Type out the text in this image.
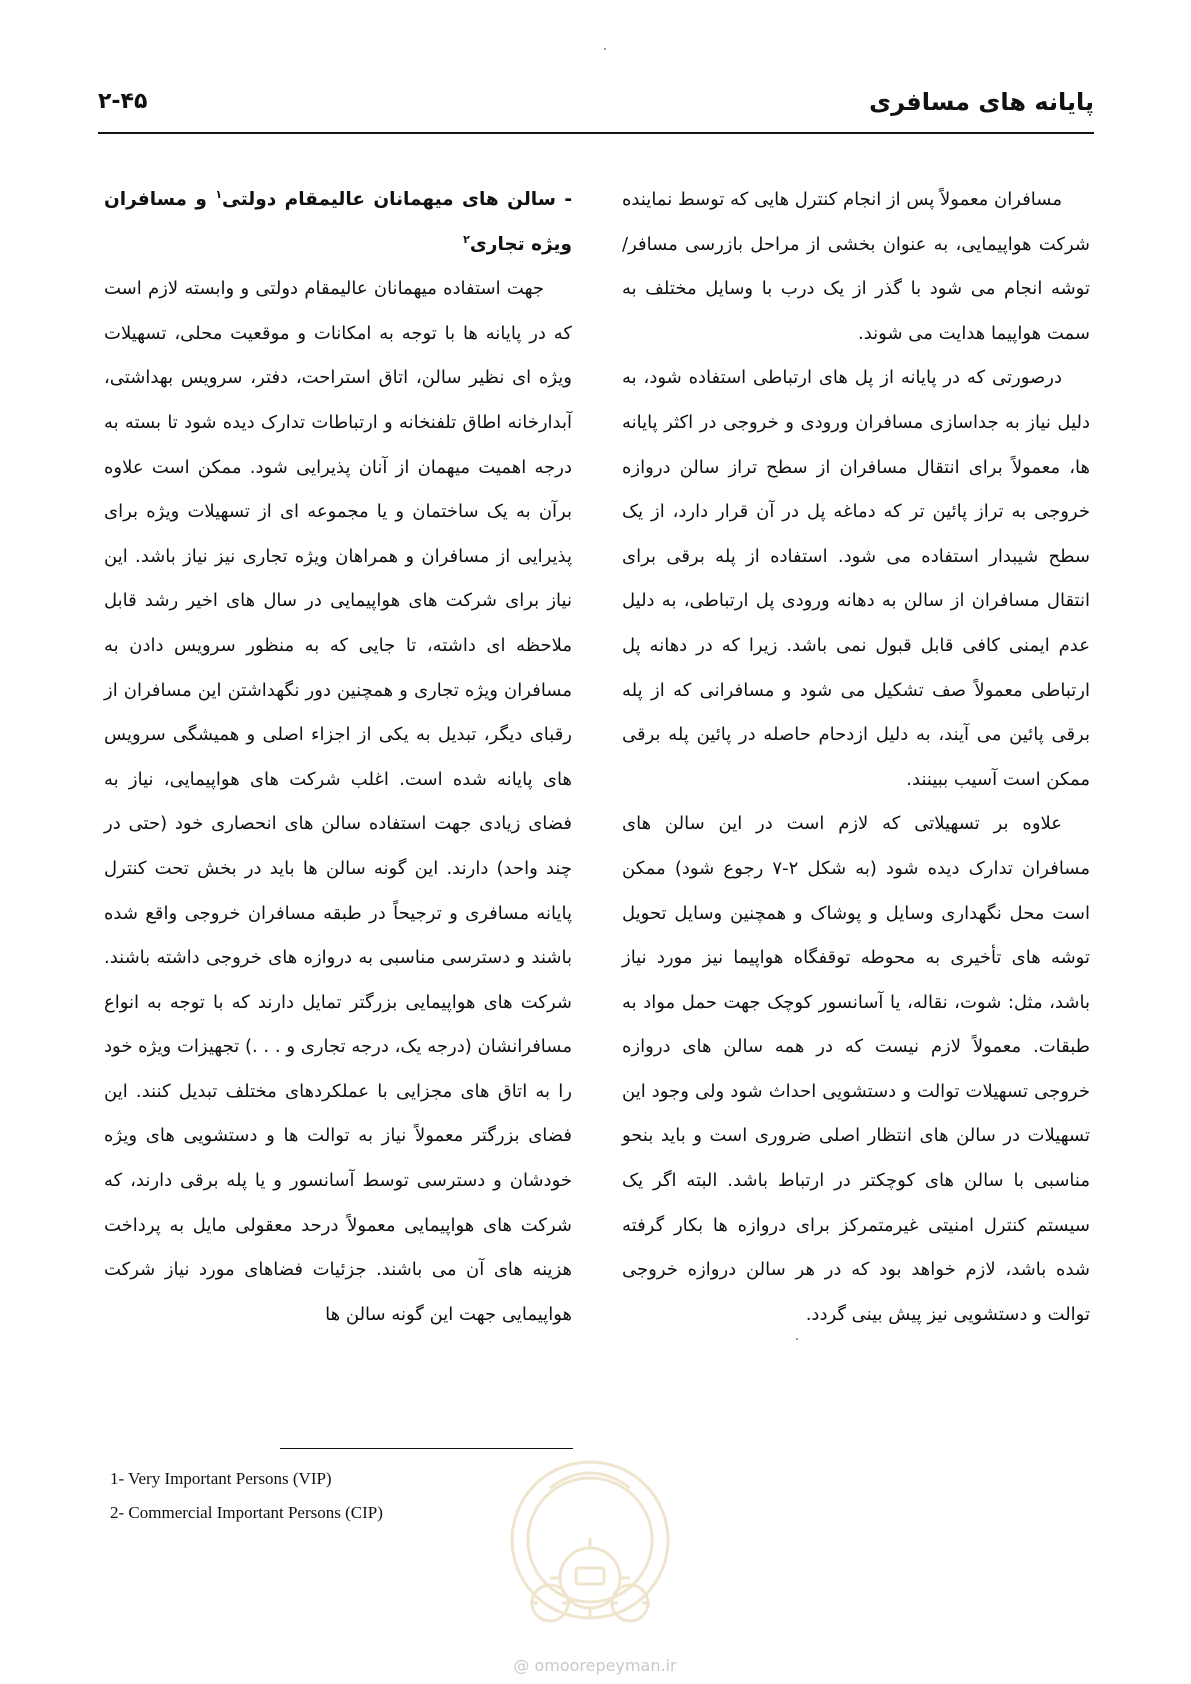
پایانه های مسافری
۲-۴۵

مسافران معمولاً پس از انجام کنترل هایی که توسط نماینده شرکت هواپیمایی، به عنوان بخشی از مراحل بازرسی مسافر/ توشه انجام می شود با گذر از یک درب با وسایل مختلف به سمت هواپیما هدایت می شوند.

درصورتی که در پایانه از پل های ارتباطی استفاده شود، به دلیل نیاز به جداسازی مسافران ورودی و خروجی در اکثر پایانه ها، معمولاً برای انتقال مسافران از سطح تراز سالن دروازه خروجی به تراز پائین تر که دماغه پل در آن قرار دارد، از یک سطح شیبدار استفاده می شود. استفاده از پله برقی برای انتقال مسافران از سالن به دهانه ورودی پل ارتباطی، به دلیل عدم ایمنی کافی قابل قبول نمی باشد. زیرا که در دهانه پل ارتباطی معمولاً صف تشکیل می شود و مسافرانی که از پله برقی پائین می آیند، به دلیل ازدحام حاصله در پائین پله برقی ممکن است آسیب ببینند.

علاوه بر تسهیلاتی که لازم است در این سالن های مسافران تدارک دیده شود (به شکل ۲-۷ رجوع شود) ممکن است محل نگهداری وسایل و پوشاک و همچنین وسایل تحویل توشه های تأخیری به محوطه توقفگاه هواپیما نیز مورد نیاز باشد، مثل: شوت، نقاله، یا آسانسور کوچک جهت حمل مواد به طبقات. معمولاً لازم نیست که در همه سالن های دروازه خروجی تسهیلات توالت و دستشویی احداث شود ولی وجود این تسهیلات در سالن های انتظار اصلی ضروری است و باید بنحو مناسبی با سالن های کوچکتر در ارتباط باشد. البته اگر یک سیستم کنترل امنیتی غیرمتمرکز برای دروازه ها بکار گرفته شده باشد، لازم خواهد بود که در هر سالن دروازه خروجی توالت و دستشویی نیز پیش بینی گردد.

- سالن های میهمانان عالیمقام دولتی$^۱$ و مسافران ویژه تجاری$^۲$

جهت استفاده میهمانان عالیمقام دولتی و وابسته لازم است که در پایانه ها با توجه به امکانات و موقعیت محلی، تسهیلات ویژه ای نظیر سالن، اتاق استراحت، دفتر، سرویس بهداشتی، آبدارخانه اطاق تلفنخانه و ارتباطات تدارک دیده شود تا بسته به درجه اهمیت میهمان از آنان پذیرایی شود. ممکن است علاوه برآن به یک ساختمان و یا مجموعه ای از تسهیلات ویژه برای پذیرایی از مسافران و همراهان ویژه تجاری نیز نیاز باشد. این نیاز برای شرکت های هواپیمایی در سال های اخیر رشد قابل ملاحظه ای داشته، تا جایی که به منظور سرویس دادن به مسافران ویژه تجاری و همچنین دور نگهداشتن این مسافران از رقبای دیگر، تبدیل به یکی از اجزاء اصلی و همیشگی سرویس های پایانه شده است. اغلب شرکت های هواپیمایی، نیاز به فضای زیادی جهت استفاده سالن های انحصاری خود (حتی در چند واحد) دارند. این گونه سالن ها باید در بخش تحت کنترل پایانه مسافری و ترجیحاً در طبقه مسافران خروجی واقع شده باشند و دسترسی مناسبی به دروازه های خروجی داشته باشند. شرکت های هواپیمایی بزرگتر تمایل دارند که با توجه به انواع مسافرانشان (درجه یک، درجه تجاری و . . .) تجهیزات ویژه خود را به اتاق های مجزایی با عملکردهای مختلف تبدیل کنند. این فضای بزرگتر معمولاً نیاز به توالت ها و دستشویی های ویژه خودشان و دسترسی توسط آسانسور و یا پله برقی دارند، که شرکت های هواپیمایی معمولاً درحد معقولی مایل به پرداخت هزینه های آن می باشند. جزئیات فضاهای مورد نیاز شرکت هواپیمایی جهت این گونه سالن ها

1- Very Important Persons (VIP)
2- Commercial Important Persons (CIP)
@ omoorepeyman.ir
